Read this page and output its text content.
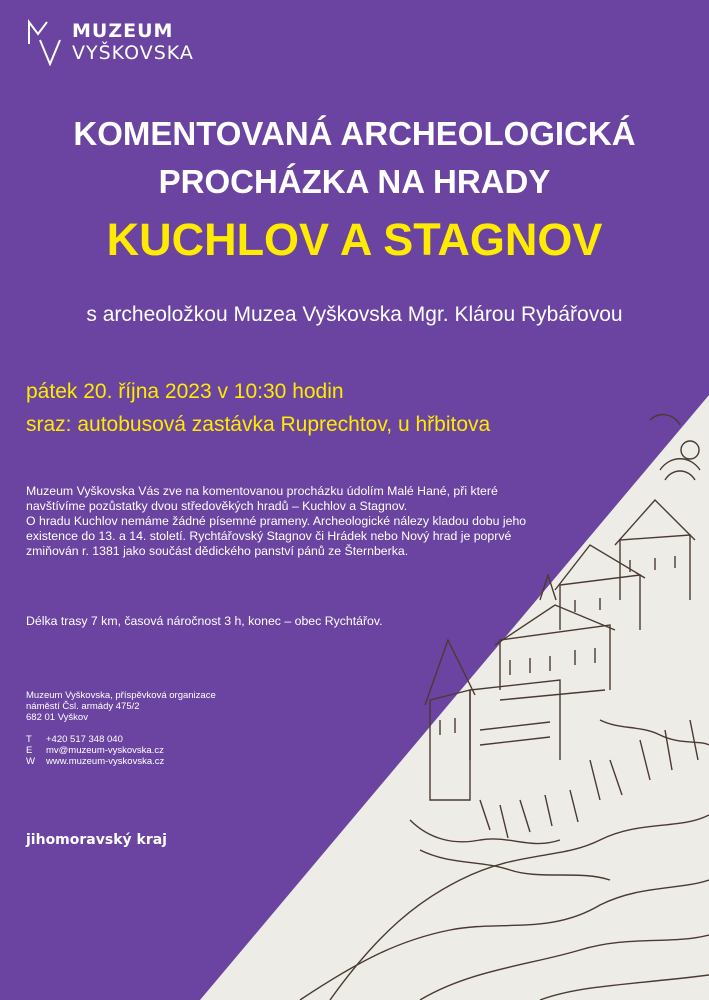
MUZEUM
VYŠKOVSKA
KOMENTOVANÁ ARCHEOLOGICKÁ
PROCHÁZKA NA HRADY
KUCHLOV A STAGNOV
s archeoložkou Muzea Vyškovska Mgr. Klárou Rybářovou
pátek 20. října 2023 v 10:30 hodin
sraz: autobusová zastávka Ruprechtov, u hřbitova

Muzeum Vyškovska Vás zve na komentovanou procházku údolím Malé Hané, při které navštívíme pozůstatky dvou středověkých hradů – Kuchlov a Stagnov.

O hradu Kuchlov nemáme žádné písemné prameny. Archeologické nálezy kladou dobu jeho existence do 13. a 14. století. Rychtářovský Stagnov či Hrádek nebo Nový hrad je poprvé zmiňován r. 1381 jako součást dědického panství pánů ze Šternberka.

Délka trasy 7 km, časová náročnost 3 h, konec – obec Rychtářov.
Muzeum Vyškovska, příspěvková organizace
náměstí Čsl. armády 475/2
682 01 Vyškov
T	+420 517 348 040
E	mv@muzeum-vyskovska.cz
W	www.muzeum-vyskovska.cz
jihomoravský kraj
